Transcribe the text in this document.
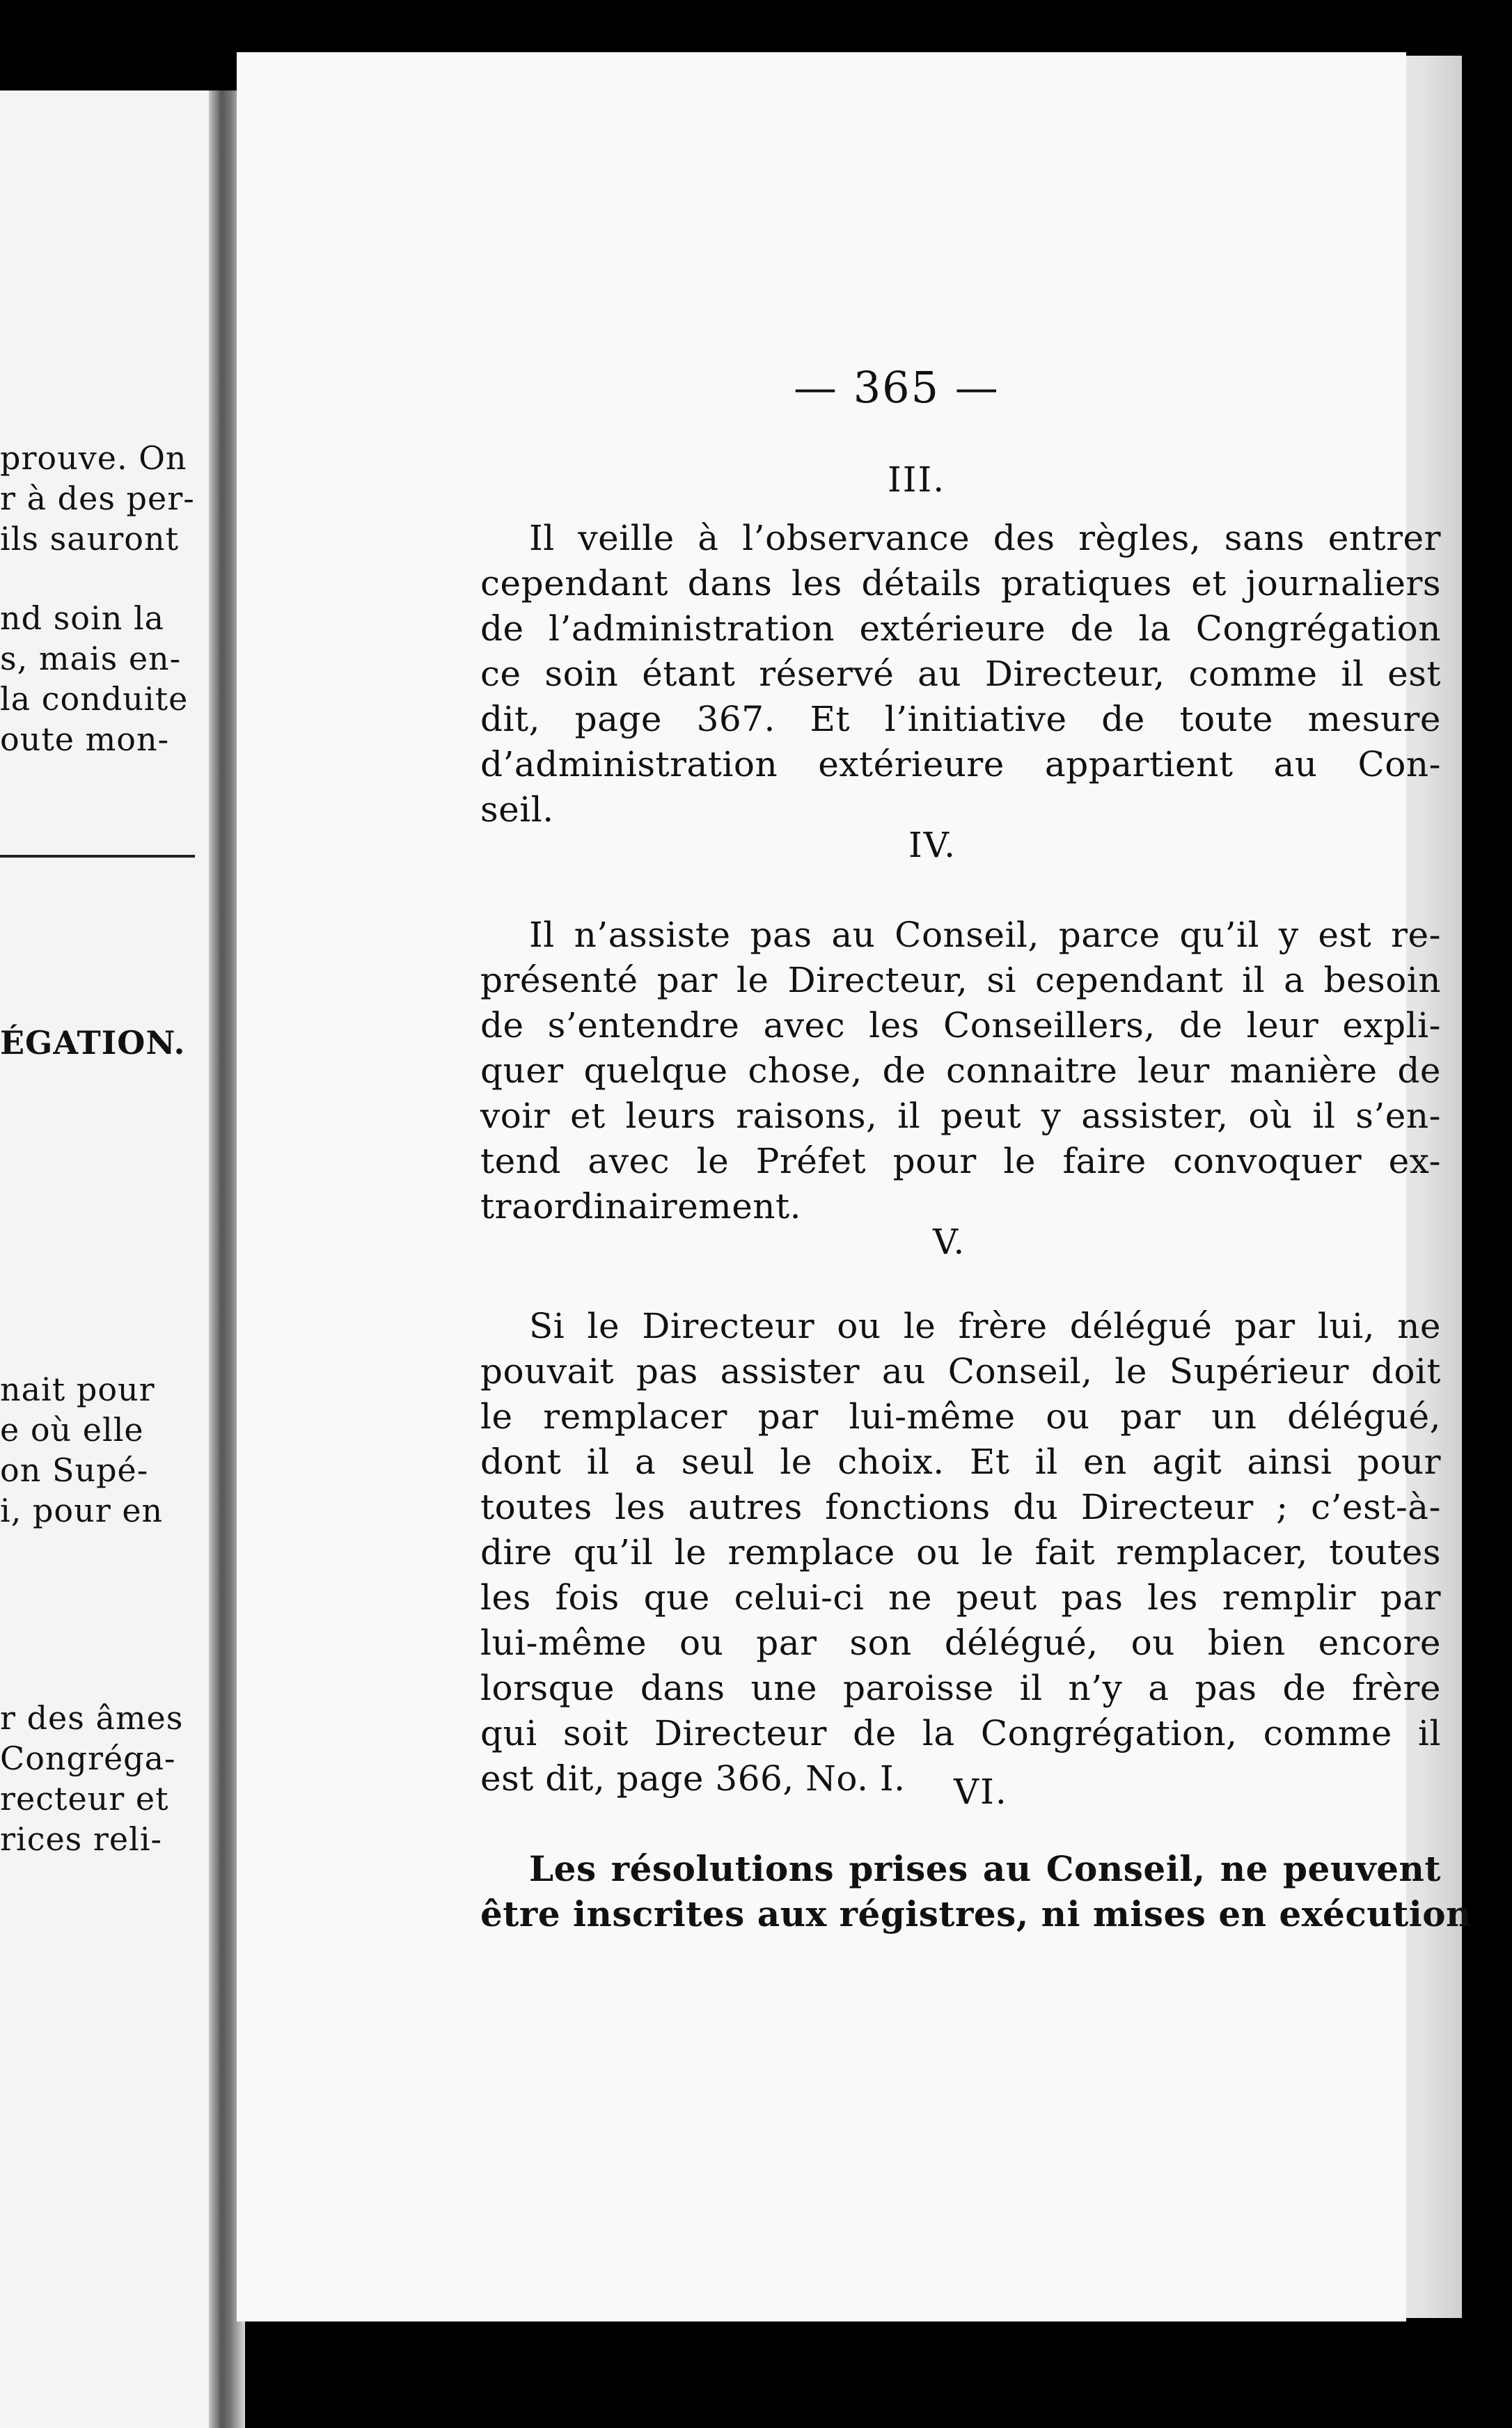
prouve. On
r à des per-
ils sauront
nd soin la
s, mais en-
la conduite
oute mon-
ÉGATION.
nait pour
e où elle
on Supé-
i, pour en
r des âmes
Congréga-
recteur et
rices reli-
— 365 —
III.
Il veille à l’observance des règles, sans entrer
cependant dans les détails pratiques et journaliers
de l’administration extérieure de la Congrégation
ce soin étant réservé au Directeur, comme il est
dit, page 367. Et l’initiative de toute mesure
d’administration extérieure appartient au Con-
seil.
IV.
Il n’assiste pas au Conseil, parce qu’il y est re-
présenté par le Directeur, si cependant il a besoin
de s’entendre avec les Conseillers, de leur expli-
quer quelque chose, de connaitre leur manière de
voir et leurs raisons, il peut y assister, où il s’en-
tend avec le Préfet pour le faire convoquer ex-
traordinairement.
V.
Si le Directeur ou le frère délégué par lui, ne
pouvait pas assister au Conseil, le Supérieur doit
le remplacer par lui-même ou par un délégué,
dont il a seul le choix. Et il en agit ainsi pour
toutes les autres fonctions du Directeur ; c’est-à-
dire qu’il le remplace ou le fait remplacer, toutes
les fois que celui-ci ne peut pas les remplir par
lui-même ou par son délégué, ou bien encore
lorsque dans une paroisse il n’y a pas de frère
qui soit Directeur de la Congrégation, comme il
est dit, page 366, No. I.	VI.
Les résolutions prises au Conseil, ne peuvent
être inscrites aux régistres, ni mises en exécution
